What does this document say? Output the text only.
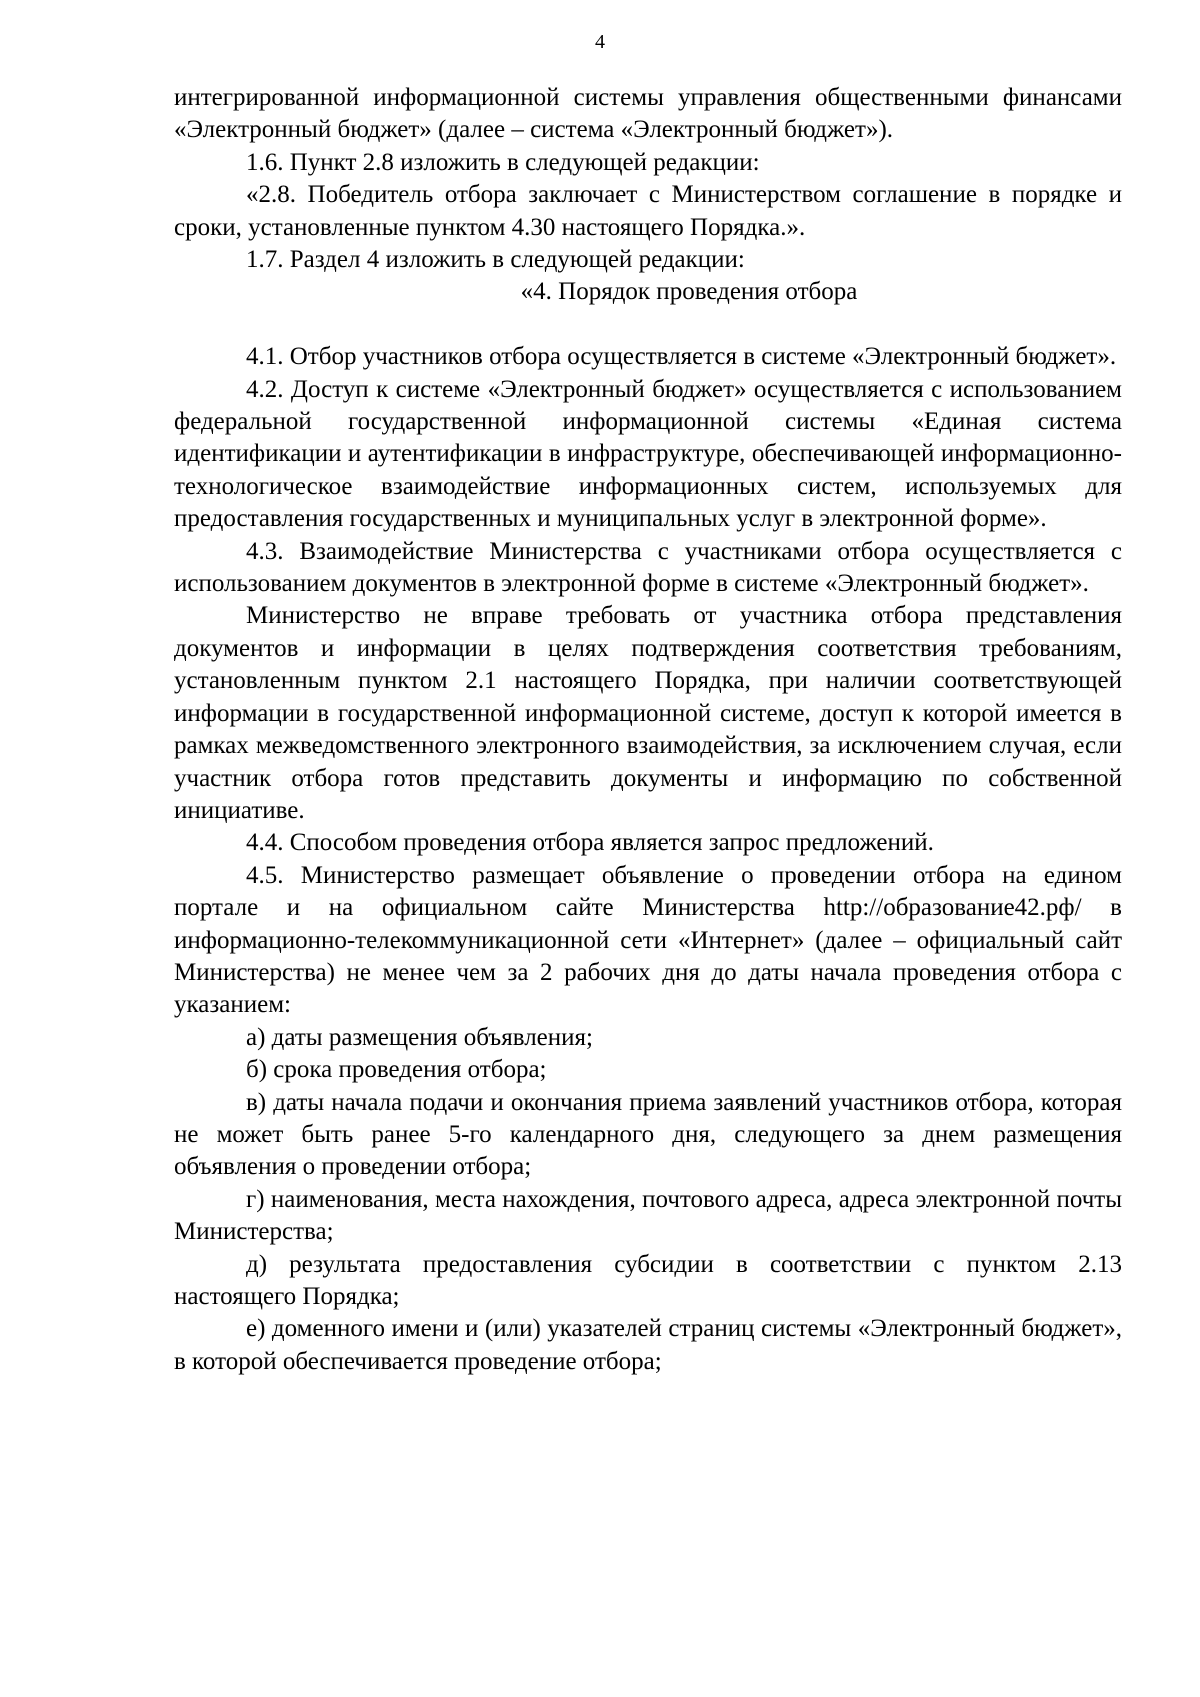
4

интегрированной информационной системы управления общественными финансами «Электронный бюджет» (далее – система «Электронный бюджет»).

1.6. Пункт 2.8 изложить в следующей редакции:

«2.8. Победитель отбора заключает с Министерством соглашение в порядке и сроки, установленные пунктом 4.30 настоящего Порядка.».

1.7. Раздел 4 изложить в следующей редакции:

«4. Порядок проведения отбора

4.1. Отбор участников отбора осуществляется в системе «Электронный бюджет».

4.2. Доступ к системе «Электронный бюджет» осуществляется с использованием федеральной государственной информационной системы «Единая система идентификации и аутентификации в инфраструктуре, обеспечивающей информационно-технологическое взаимодействие информационных систем, используемых для предоставления государственных и муниципальных услуг в электронной форме».

4.3. Взаимодействие Министерства с участниками отбора осуществляется с использованием документов в электронной форме в системе «Электронный бюджет».

Министерство не вправе требовать от участника отбора представления документов и информации в целях подтверждения соответствия требованиям, установленным пунктом 2.1 настоящего Порядка, при наличии соответствующей информации в государственной информационной системе, доступ к которой имеется в рамках межведомственного электронного взаимодействия, за исключением случая, если участник отбора готов представить документы и информацию по собственной инициативе.

4.4. Способом проведения отбора является запрос предложений.

4.5. Министерство размещает объявление о проведении отбора на едином портале и на официальном сайте Министерства http://образование42.рф/ в информационно-телекоммуникационной сети «Интернет» (далее – официальный сайт Министерства) не менее чем за 2 рабочих дня до даты начала проведения отбора с указанием:

а) даты размещения объявления;

б) срока проведения отбора;

в) даты начала подачи и окончания приема заявлений участников отбора, которая не может быть ранее 5-го календарного дня, следующего за днем размещения объявления о проведении отбора;

г) наименования, места нахождения, почтового адреса, адреса электронной почты Министерства;

д) результата предоставления субсидии в соответствии с пунктом 2.13 настоящего Порядка;

е) доменного имени и (или) указателей страниц системы «Электронный бюджет», в которой обеспечивается проведение отбора;
